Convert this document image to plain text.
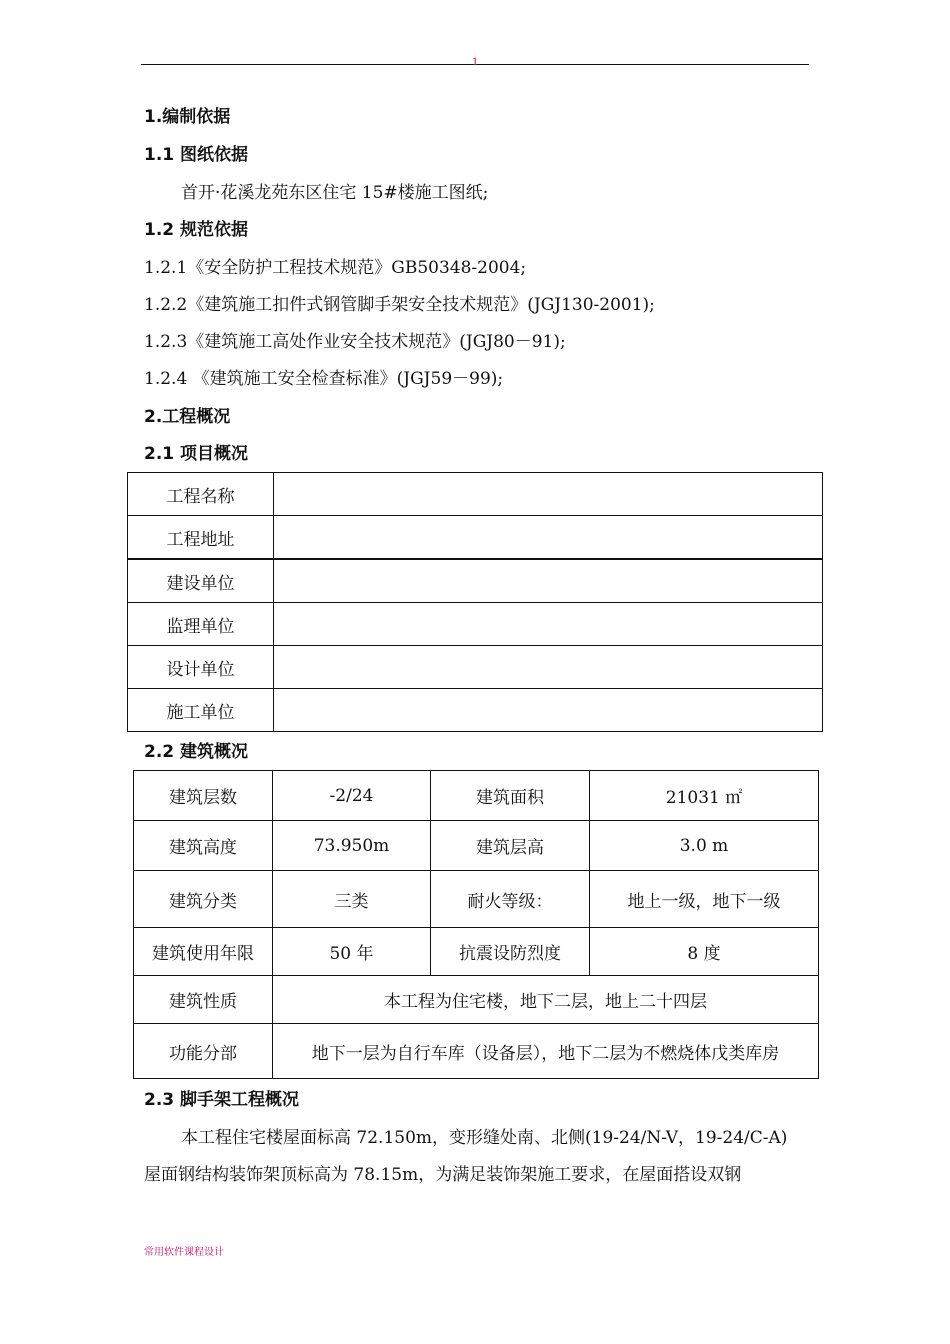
1
1.编制依据
1.1 图纸依据
首开·花溪龙苑东区住宅 15#楼施工图纸;
1.2 规范依据
1.2.1《安全防护工程技术规范》GB50348-2004;
1.2.2《建筑施工扣件式钢管脚手架安全技术规范》(JGJ130-2001);
1.2.3《建筑施工高处作业安全技术规范》(JGJ80－91);
1.2.4 《建筑施工安全检查标准》(JGJ59－99);
2.工程概况
2.1 项目概况
工程名称	
工程地址	
建设单位	
监理单位	
设计单位	
施工单位	
2.2 建筑概况
建筑层数	-2/24	建筑面积	21031 ㎡
建筑高度	73.950m	建筑层高	3.0 m
建筑分类	三类	耐火等级：	地上一级，地下一级
建筑使用年限	50 年	抗震设防烈度	8 度
建筑性质	本工程为住宅楼，地下二层，地上二十四层		
功能分部	地下一层为自行车库（设备层），地下二层为不燃烧体戊类库房		
2.3 脚手架工程概况
本工程住宅楼屋面标高 72.150m，变形缝处南、北侧(19-24/N-V，19-24/C-A)
屋面钢结构装饰架顶标高为 78.15m，为满足装饰架施工要求，在屋面搭设双钢
常用软件课程设计
